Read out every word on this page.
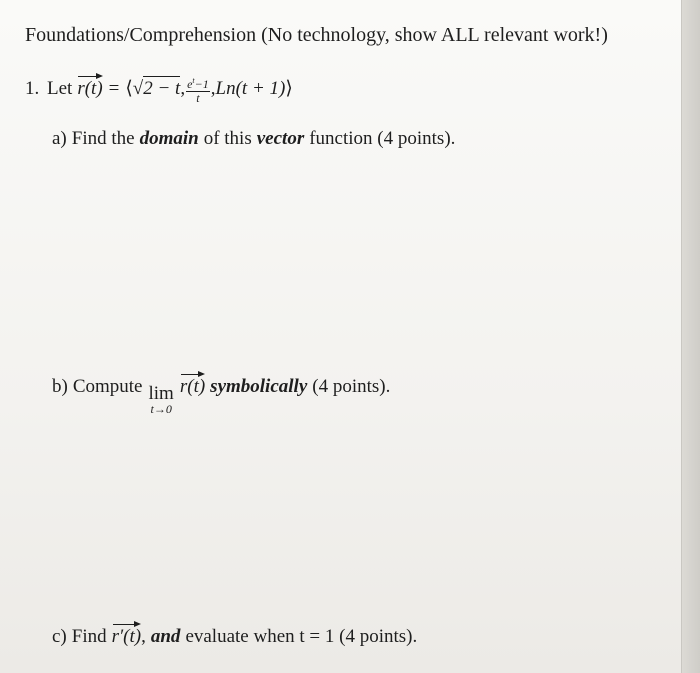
Foundations/Comprehension (No technology, show ALL relevant work!)
1. Let r(t) = ⟨ √ 2 − t , $\frac{e^t-1}{t}$ , Ln(t + 1) ⟩
a) Find the domain of this vector function (4 points).
b) Compute lim
t→0
r(t) symbolically (4 points).
c) Find r′(t) , and evaluate when t = 1 (4 points).
